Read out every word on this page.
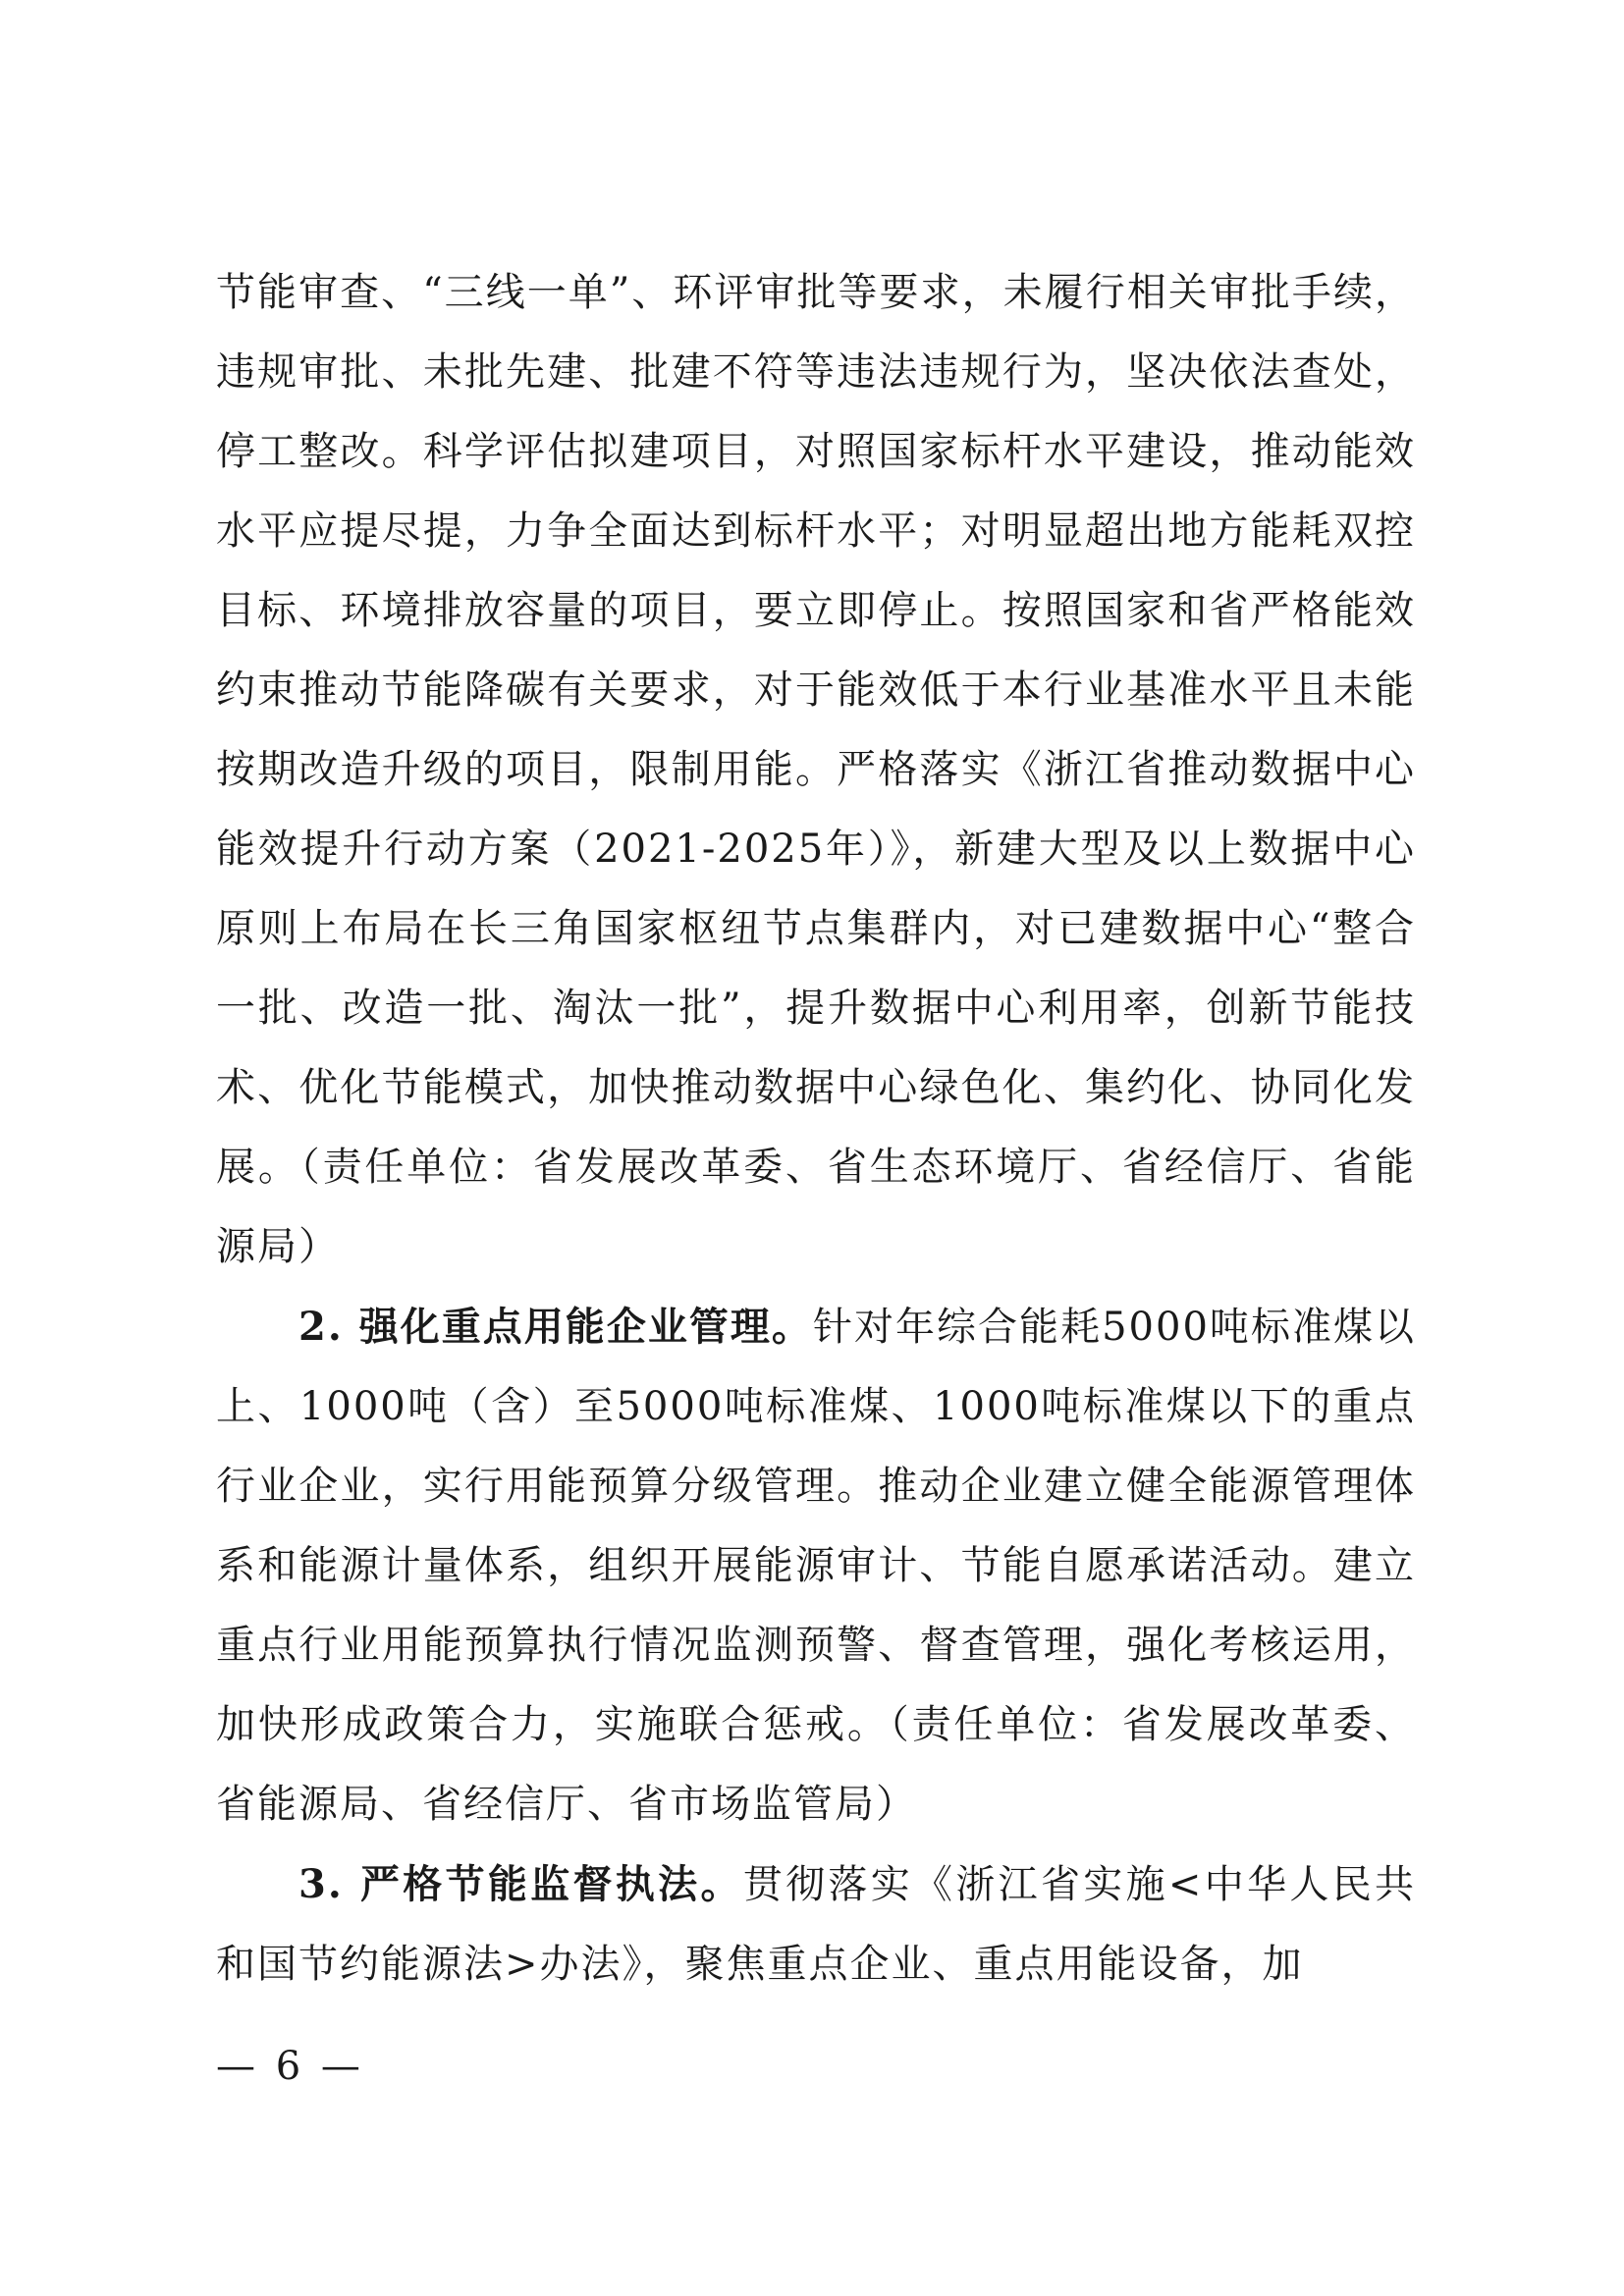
节能审查、“三线一单”、环评审批等要求，未履行相关审批手续，违规审批、未批先建、批建不符等违法违规行为，坚决依法查处，停工整改。科学评估拟建项目，对照国家标杆水平建设，推动能效水平应提尽提，力争全面达到标杆水平；对明显超出地方能耗双控目标、环境排放容量的项目，要立即停止。按照国家和省严格能效约束推动节能降碳有关要求，对于能效低于本行业基准水平且未能按期改造升级的项目，限制用能。严格落实《浙江省推动数据中心能效提升行动方案（2021-2025年）》，新建大型及以上数据中心原则上布局在长三角国家枢纽节点集群内，对已建数据中心“整合一批、改造一批、淘汰一批”，提升数据中心利用率，创新节能技术、优化节能模式，加快推动数据中心绿色化、集约化、协同化发展。（责任单位：省发展改革委、省生态环境厅、省经信厅、省能源局）

2. 强化重点用能企业管理。针对年综合能耗5000吨标准煤以上、1000吨（含）至5000吨标准煤、1000吨标准煤以下的重点行业企业，实行用能预算分级管理。推动企业建立健全能源管理体系和能源计量体系，组织开展能源审计、节能自愿承诺活动。建立重点行业用能预算执行情况监测预警、督查管理，强化考核运用，加快形成政策合力，实施联合惩戒。（责任单位：省发展改革委、省能源局、省经信厅、省市场监管局）

3. 严格节能监督执法。贯彻落实《浙江省实施<中华人民共和国节约能源法>办法》，聚焦重点企业、重点用能设备，加

— 6 —
